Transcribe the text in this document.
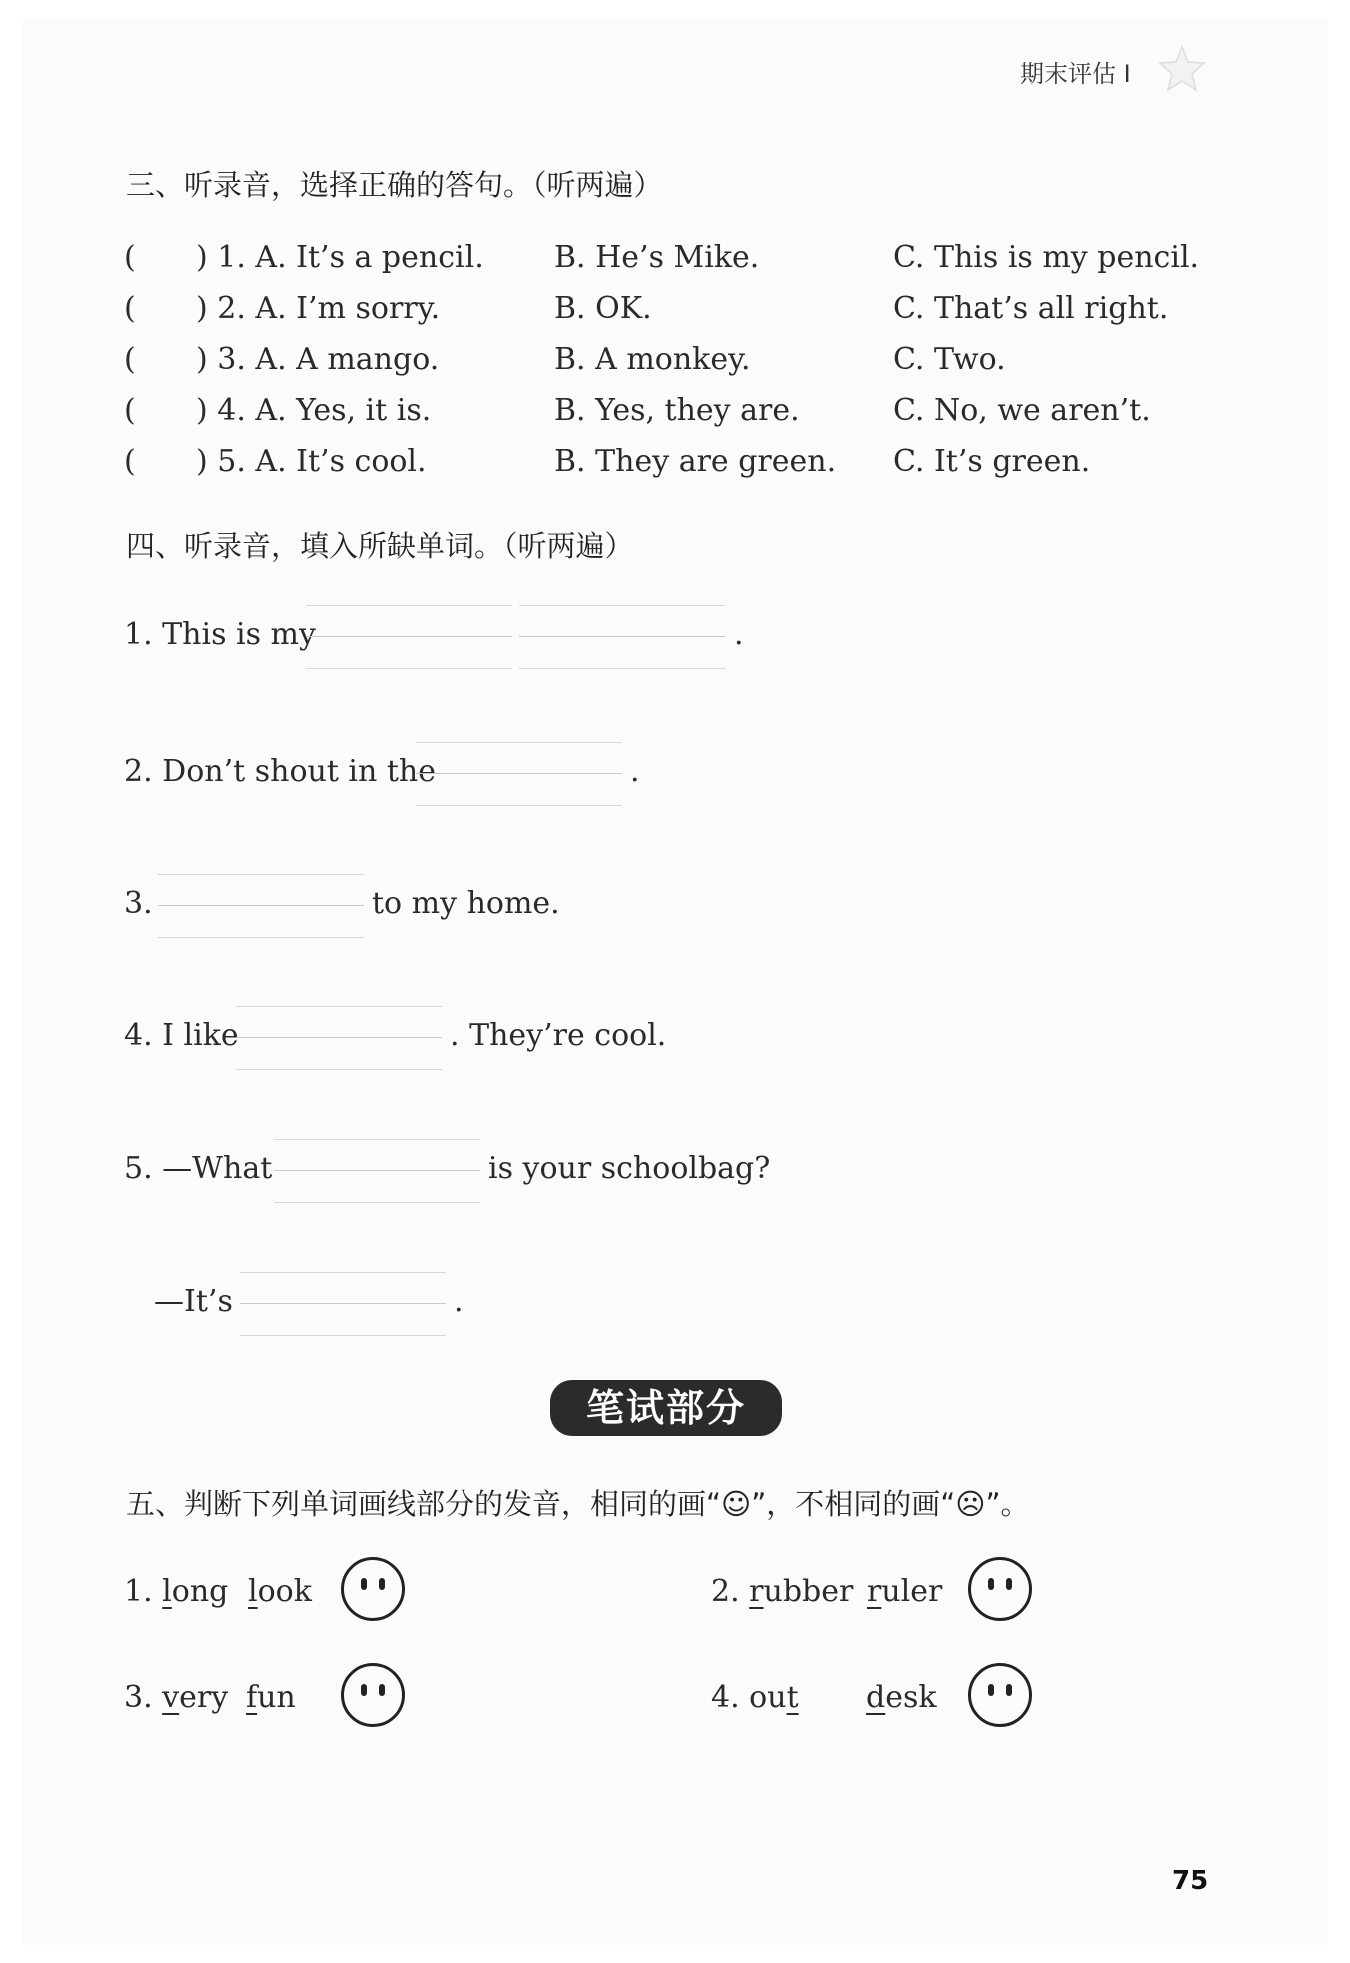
期末评估 Ⅰ
三、听录音，选择正确的答句。（听两遍）
( ) 1. A. It’s a pencil. B. He’s Mike.	C. This is my pencil.
( ) 2. A. I’m sorry.	B. OK.	C. That’s all right.
( ) 3. A. A mango.	B. A monkey.	C. Two.
( ) 4. A. Yes, it is.	B. Yes, they are.	C. No, we aren’t.
( ) 5. A. It’s cool.	B. They are green. C. It’s green.
四、听录音，填入所缺单词。（听两遍）
1. This is my	.
2. Don’t shout in the	.
3.	to my home.
4. I like	. They’re cool.
5. —What	is your schoolbag?
—It’s	.
笔试部分
五、判断下列单词画线部分的发音，相同的画“☺”，不相同的画“☹”。
1. long look	2. rubber ruler
3. very fun	4. out desk
75
